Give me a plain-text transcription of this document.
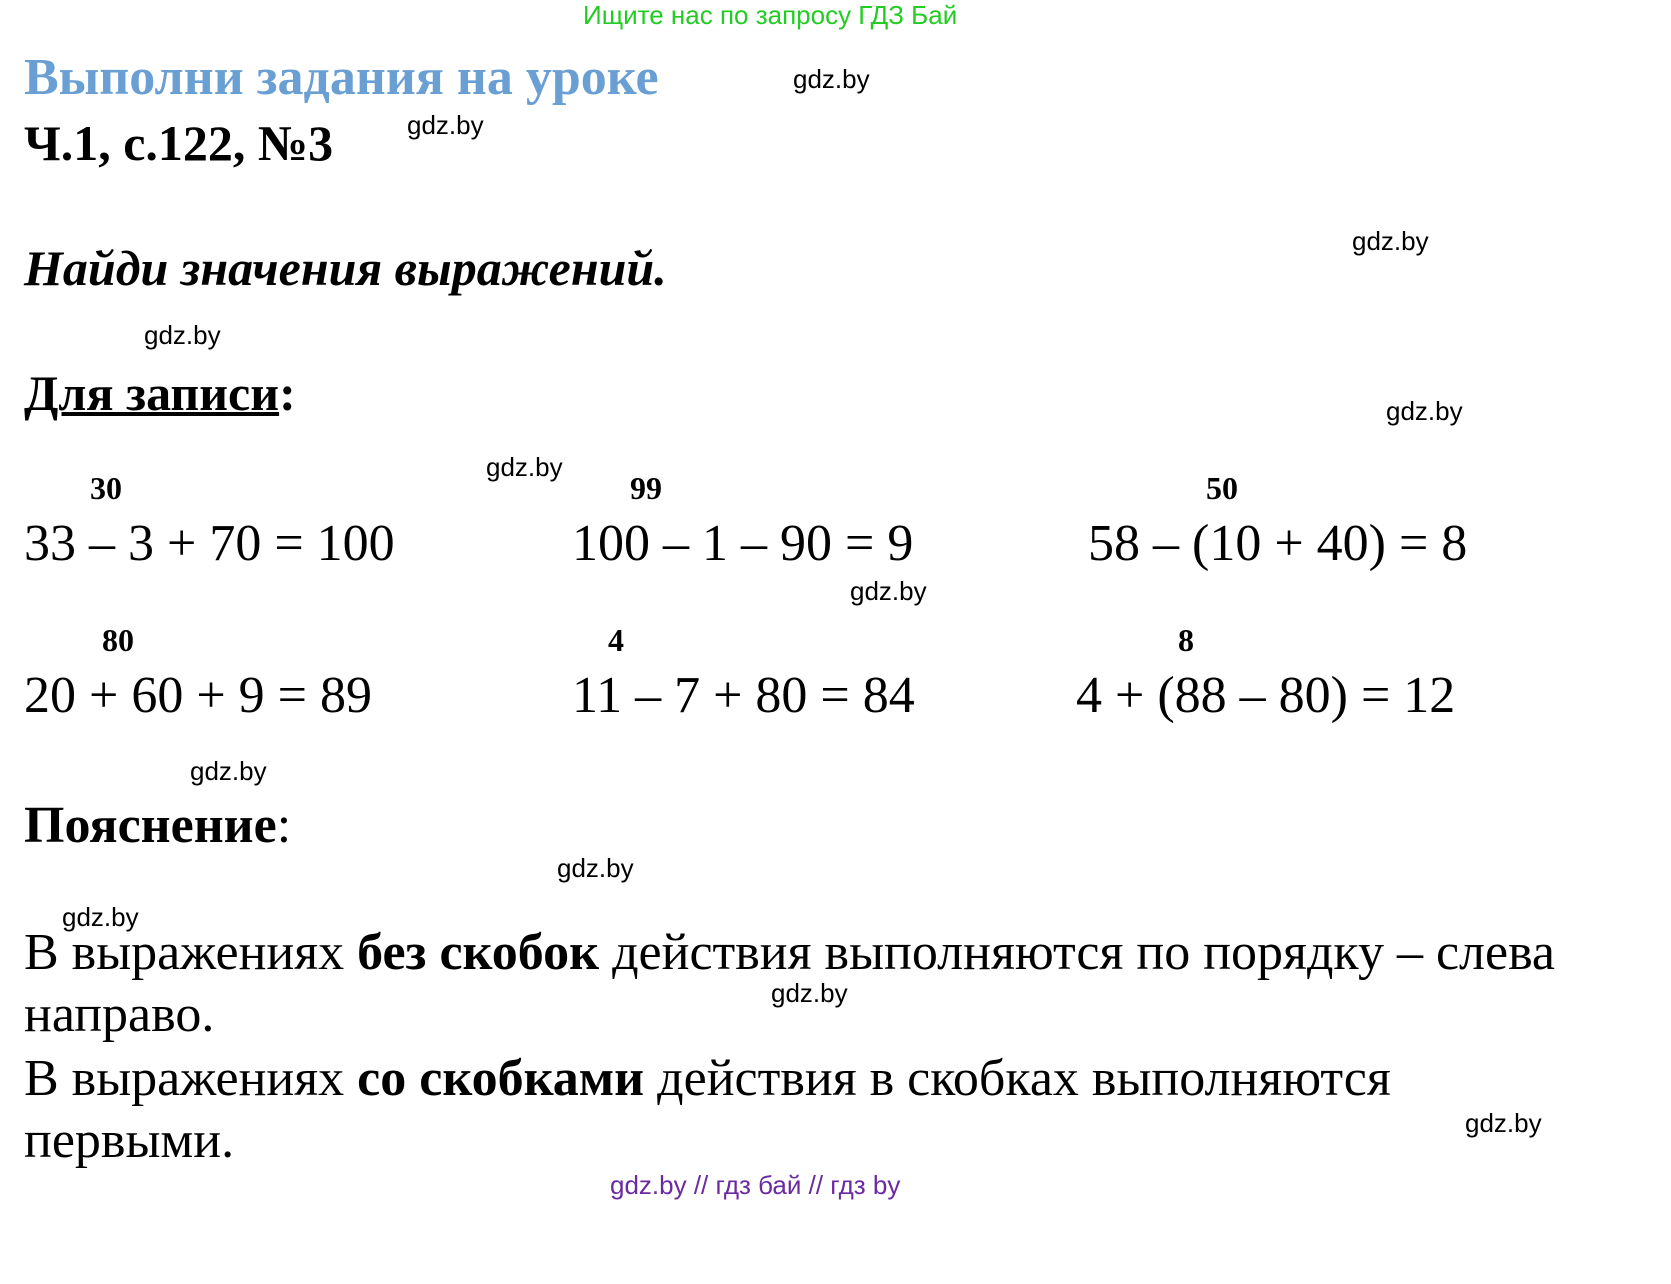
Ищите нас по запросу ГДЗ Бай
Выполни задания на уроке
Ч.1, с.122, №3
Найди значения выражений.
Для записи:
30
33 – 3 + 70 = 100
99
100 – 1 – 90 = 9
50
58 – (10 + 40) = 8
80
20 + 60 + 9 = 89
4
11 – 7 + 80 = 84
8
4 + (88 – 80) = 12
Пояснение:
В выражениях без скобок действия выполняются по порядку – слева направо.
В выражениях со скобками действия в скобках выполняются первыми.
gdz.by
gdz.by
gdz.by
gdz.by
gdz.by
gdz.by
gdz.by
gdz.by
gdz.by
gdz.by
gdz.by
gdz.by
gdz.by // гдз бай // гдз by
